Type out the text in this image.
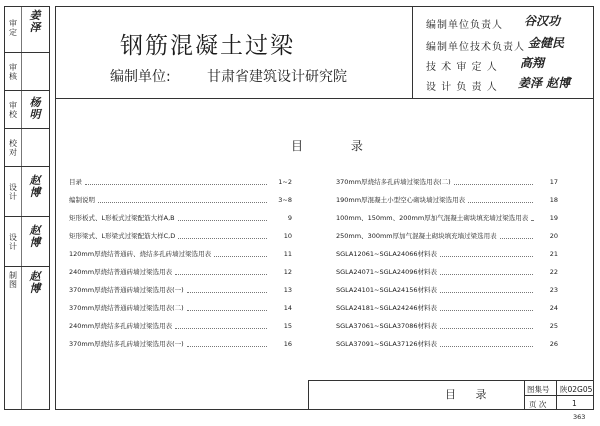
审定
姜泽
审核
审校
杨明
校对
设计
赵博
设计
赵博
制图
赵博
钢筋混凝土过梁
编制单位:	甘肃省建筑设计研究院
编制单位负责人 谷汉功
编制单位技术负责人 金健民
技 术 审 定 人 高翔
设 计 负 责 人 姜泽 赵博
目 录
目录	1~2
编制说明	3~8
矩形板式、L形板式过梁配筋大样A,B	9
矩形梁式、L形梁式过梁配筋大样C,D	10
120mm厚烧结普通砖、烧结多孔砖墙过梁选用表	11
240mm厚烧结普通砖墙过梁选用表	12
370mm厚烧结普通砖墙过梁选用表(一)	13
370mm厚烧结普通砖墙过梁选用表(二)	14
240mm厚烧结多孔砖墙过梁选用表	15
370mm厚烧结多孔砖墙过梁选用表(一)	16
370mm厚烧结多孔砖墙过梁选用表(二)	17
190mm厚混凝土小型空心砌块墙过梁选用表	18
100mm、150mm、200mm厚加气混凝土砌块填充墙过梁选用表	19
250mm、300mm厚加气混凝土砌块填充墙过梁选用表	20
SGLA12061~SGLA24066材料表	21
SGLA24071~SGLA24096材料表	22
SGLA24101~SGLA24156材料表	23
SGLA24181~SGLA24246材料表	24
SGLA37061~SGLA37086材料表	25
SGLA37091~SGLA37126材料表	26
目 录	图集号 陕02G05
页 次	1
363
